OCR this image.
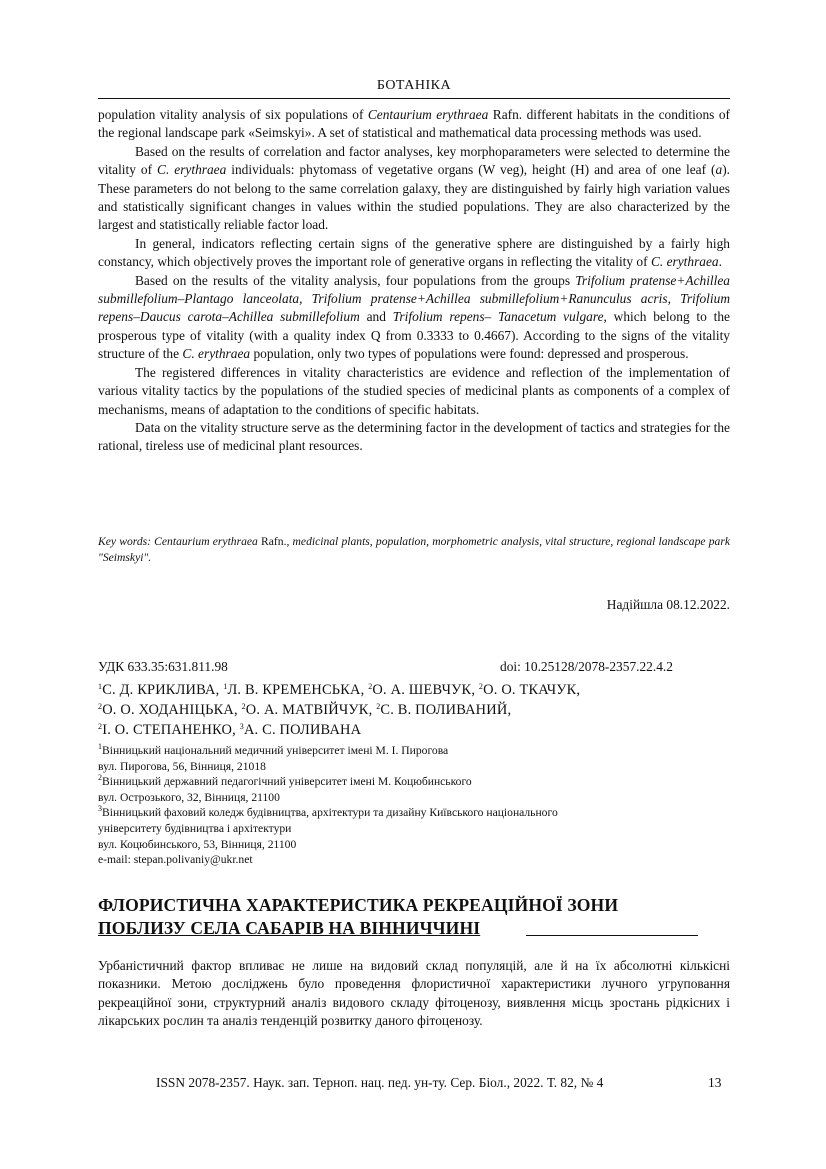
БОТАНІКА

population vitality analysis of six populations of Centaurium erythraea Rafn. different habitats in the conditions of the regional landscape park «Seimskyi». A set of statistical and mathematical data processing methods was used.

Based on the results of correlation and factor analyses, key morphoparameters were selected to determine the vitality of C. erythraea individuals: phytomass of vegetative organs (W veg), height (H) and area of one leaf (a). These parameters do not belong to the same correlation galaxy, they are distinguished by fairly high variation values and statistically significant changes in values within the studied populations. They are also characterized by the largest and statistically reliable factor load.

In general, indicators reflecting certain signs of the generative sphere are distinguished by a fairly high constancy, which objectively proves the important role of generative organs in reflecting the vitality of C. erythraea.

Based on the results of the vitality analysis, four populations from the groups Trifolium pratense+Achillea submillefolium–Plantago lanceolata, Trifolium pratense+Achillea submillefolium+Ranunculus acris, Trifolium repens–Daucus carota–Achillea submillefolium and Trifolium repens– Tanacetum vulgare, which belong to the prosperous type of vitality (with a quality index Q from 0.3333 to 0.4667). According to the signs of the vitality structure of the C. erythraea population, only two types of populations were found: depressed and prosperous.

The registered differences in vitality characteristics are evidence and reflection of the implementation of various vitality tactics by the populations of the studied species of medicinal plants as components of a complex of mechanisms, means of adaptation to the conditions of specific habitats.

Data on the vitality structure serve as the determining factor in the development of tactics and strategies for the rational, tireless use of medicinal plant resources.

Key words: Centaurium erythraea Rafn., medicinal plants, population, morphometric analysis, vital structure, regional landscape park "Seimskyi".
Надійшла 08.12.2022.
УДК 633.35:631.811.98	doi: 10.25128/2078-2357.22.4.2
$^1$С. Д. КРИКЛИВА, $^1$Л. В. КРЕМЕНСЬКА, $^2$О. А. ШЕВЧУК, $^2$О. О. ТКАЧУК,
$^2$О. О. ХОДАНІЦЬКА, $^2$О. А. МАТВІЙЧУК, $^2$С. В. ПОЛИВАНИЙ,
$^2$І. О. СТЕПАНЕНКО, $^3$А. С. ПОЛИВАНА
$^1$Вінницький національний медичний університет імені М. І. Пирогова
вул. Пирогова, 56, Вінниця, 21018
$^2$Вінницький державний педагогічний університет імені М. Коцюбинського
вул. Острозького, 32, Вінниця, 21100
$^3$Вінницький фаховий коледж будівництва, архітектури та дизайну Київського національного
університету будівництва і архітектури
вул. Коцюбинського, 53, Вінниця, 21100
e-mail: stepan.polivaniy@ukr.net
ФЛОРИСТИЧНА ХАРАКТЕРИСТИКА РЕКРЕАЦІЙНОЇ ЗОНИ
ПОБЛИЗУ СЕЛА САБАРІВ НА ВІННИЧЧИНІ

Урбаністичний фактор впливає не лише на видовий склад популяцій, але й на їх абсолютні кількісні показники. Метою досліджень було проведення флористичної характеристики лучного угруповання рекреаційної зони, структурний аналіз видового складу фітоценозу, виявлення місць зростань рідкісних і лікарських рослин та аналіз тенденцій розвитку даного фітоценозу.

ISSN 2078-2357. Наук. зап. Терноп. нац. пед. ун-ту. Сер. Біол., 2022. Т. 82, № 4	13
